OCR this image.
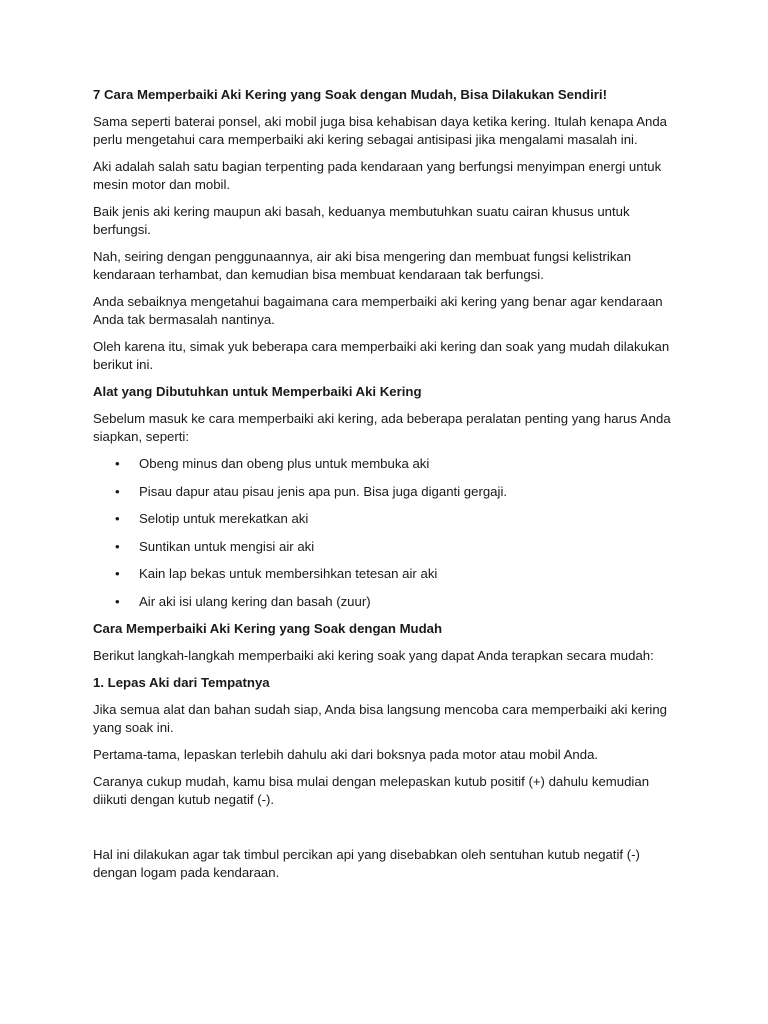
7 Cara Memperbaiki Aki Kering yang Soak dengan Mudah, Bisa Dilakukan Sendiri!

Sama seperti baterai ponsel, aki mobil juga bisa kehabisan daya ketika kering. Itulah kenapa Anda perlu mengetahui cara memperbaiki aki kering sebagai antisipasi jika mengalami masalah ini.

Aki adalah salah satu bagian terpenting pada kendaraan yang berfungsi menyimpan energi untuk mesin motor dan mobil.

Baik jenis aki kering maupun aki basah, keduanya membutuhkan suatu cairan khusus untuk berfungsi.

Nah, seiring dengan penggunaannya, air aki bisa mengering dan membuat fungsi kelistrikan kendaraan terhambat, dan kemudian bisa membuat kendaraan tak berfungsi.

Anda sebaiknya mengetahui bagaimana cara memperbaiki aki kering yang benar agar kendaraan Anda tak bermasalah nantinya.

Oleh karena itu, simak yuk beberapa cara memperbaiki aki kering dan soak yang mudah dilakukan berikut ini.

Alat yang Dibutuhkan untuk Memperbaiki Aki Kering

Sebelum masuk ke cara memperbaiki aki kering, ada beberapa peralatan penting yang harus Anda siapkan, seperti:

• Obeng minus dan obeng plus untuk membuka aki
• Pisau dapur atau pisau jenis apa pun. Bisa juga diganti gergaji.
• Selotip untuk merekatkan aki
• Suntikan untuk mengisi air aki
• Kain lap bekas untuk membersihkan tetesan air aki
• Air aki isi ulang kering dan basah (zuur)
Cara Memperbaiki Aki Kering yang Soak dengan Mudah

Berikut langkah-langkah memperbaiki aki kering soak yang dapat Anda terapkan secara mudah:

1. Lepas Aki dari Tempatnya

Jika semua alat dan bahan sudah siap, Anda bisa langsung mencoba cara memperbaiki aki kering yang soak ini.

Pertama-tama, lepaskan terlebih dahulu aki dari boksnya pada motor atau mobil Anda.

Caranya cukup mudah, kamu bisa mulai dengan melepaskan kutub positif (+) dahulu kemudian diikuti dengan kutub negatif (-).

Hal ini dilakukan agar tak timbul percikan api yang disebabkan oleh sentuhan kutub negatif (-) dengan logam pada kendaraan.
